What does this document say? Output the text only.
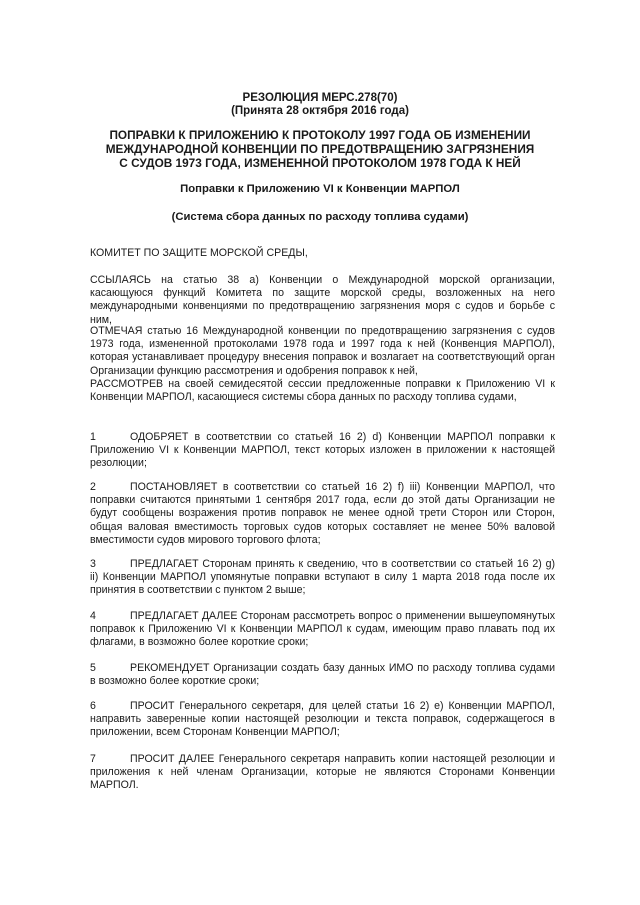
РЕЗОЛЮЦИЯ МЕРС.278(70)
(Принята 28 октября 2016 года)
ПОПРАВКИ К ПРИЛОЖЕНИЮ К ПРОТОКОЛУ 1997 ГОДА ОБ ИЗМЕНЕНИИ
МЕЖДУНАРОДНОЙ КОНВЕНЦИИ ПО ПРЕДОТВРАЩЕНИЮ ЗАГРЯЗНЕНИЯ
С СУДОВ 1973 ГОДА, ИЗМЕНЕННОЙ ПРОТОКОЛОМ 1978 ГОДА К НЕЙ
Поправки к Приложению VI к Конвенции МАРПОЛ
(Система сбора данных по расходу топлива судами)
КОМИТЕТ ПО ЗАЩИТЕ МОРСКОЙ СРЕДЫ,
ССЫЛАЯСЬ на статью 38 а) Конвенции о Международной морской организации, касающуюся функций Комитета по защите морской среды, возложенных на него международными конвенциями по предотвращению загрязнения моря с судов и борьбе с ним,
ОТМЕЧАЯ статью 16 Международной конвенции по предотвращению загрязнения с судов 1973 года, измененной протоколами 1978 года и 1997 года к ней (Конвенция МАРПОЛ), которая устанавливает процедуру внесения поправок и возлагает на соответствующий орган Организации функцию рассмотрения и одобрения поправок к ней,
РАССМОТРЕВ на своей семидесятой сессии предложенные поправки к Приложению VI к Конвенции МАРПОЛ, касающиеся системы сбора данных по расходу топлива судами,
1	ОДОБРЯЕТ в соответствии со статьей 16 2) d) Конвенции МАРПОЛ поправки к Приложению VI к Конвенции МАРПОЛ, текст которых изложен в приложении к настоящей резолюции;
2	ПОСТАНОВЛЯЕТ в соответствии со статьей 16 2) f) iii) Конвенции МАРПОЛ, что поправки считаются принятыми 1 сентября 2017 года, если до этой даты Организации не будут сообщены возражения против поправок не менее одной трети Сторон или Сторон, общая валовая вместимость торговых судов которых составляет не менее 50% валовой вместимости судов мирового торгового флота;
3	ПРЕДЛАГАЕТ Сторонам принять к сведению, что в соответствии со статьей 16 2) g) ii) Конвенции МАРПОЛ упомянутые поправки вступают в силу 1 марта 2018 года после их принятия в соответствии с пунктом 2 выше;
4	ПРЕДЛАГАЕТ ДАЛЕЕ Сторонам рассмотреть вопрос о применении вышеупомянутых поправок к Приложению VI к Конвенции МАРПОЛ к судам, имеющим право плавать под их флагами, в возможно более короткие сроки;
5	РЕКОМЕНДУЕТ Организации создать базу данных ИМО по расходу топлива судами в возможно более короткие сроки;
6	ПРОСИТ Генерального секретаря, для целей статьи 16 2) e) Конвенции МАРПОЛ, направить заверенные копии настоящей резолюции и текста поправок, содержащегося в приложении, всем Сторонам Конвенции МАРПОЛ;
7	ПРОСИТ ДАЛЕЕ Генерального секретаря направить копии настоящей резолюции и приложения к ней членам Организации, которые не являются Сторонами Конвенции МАРПОЛ.
